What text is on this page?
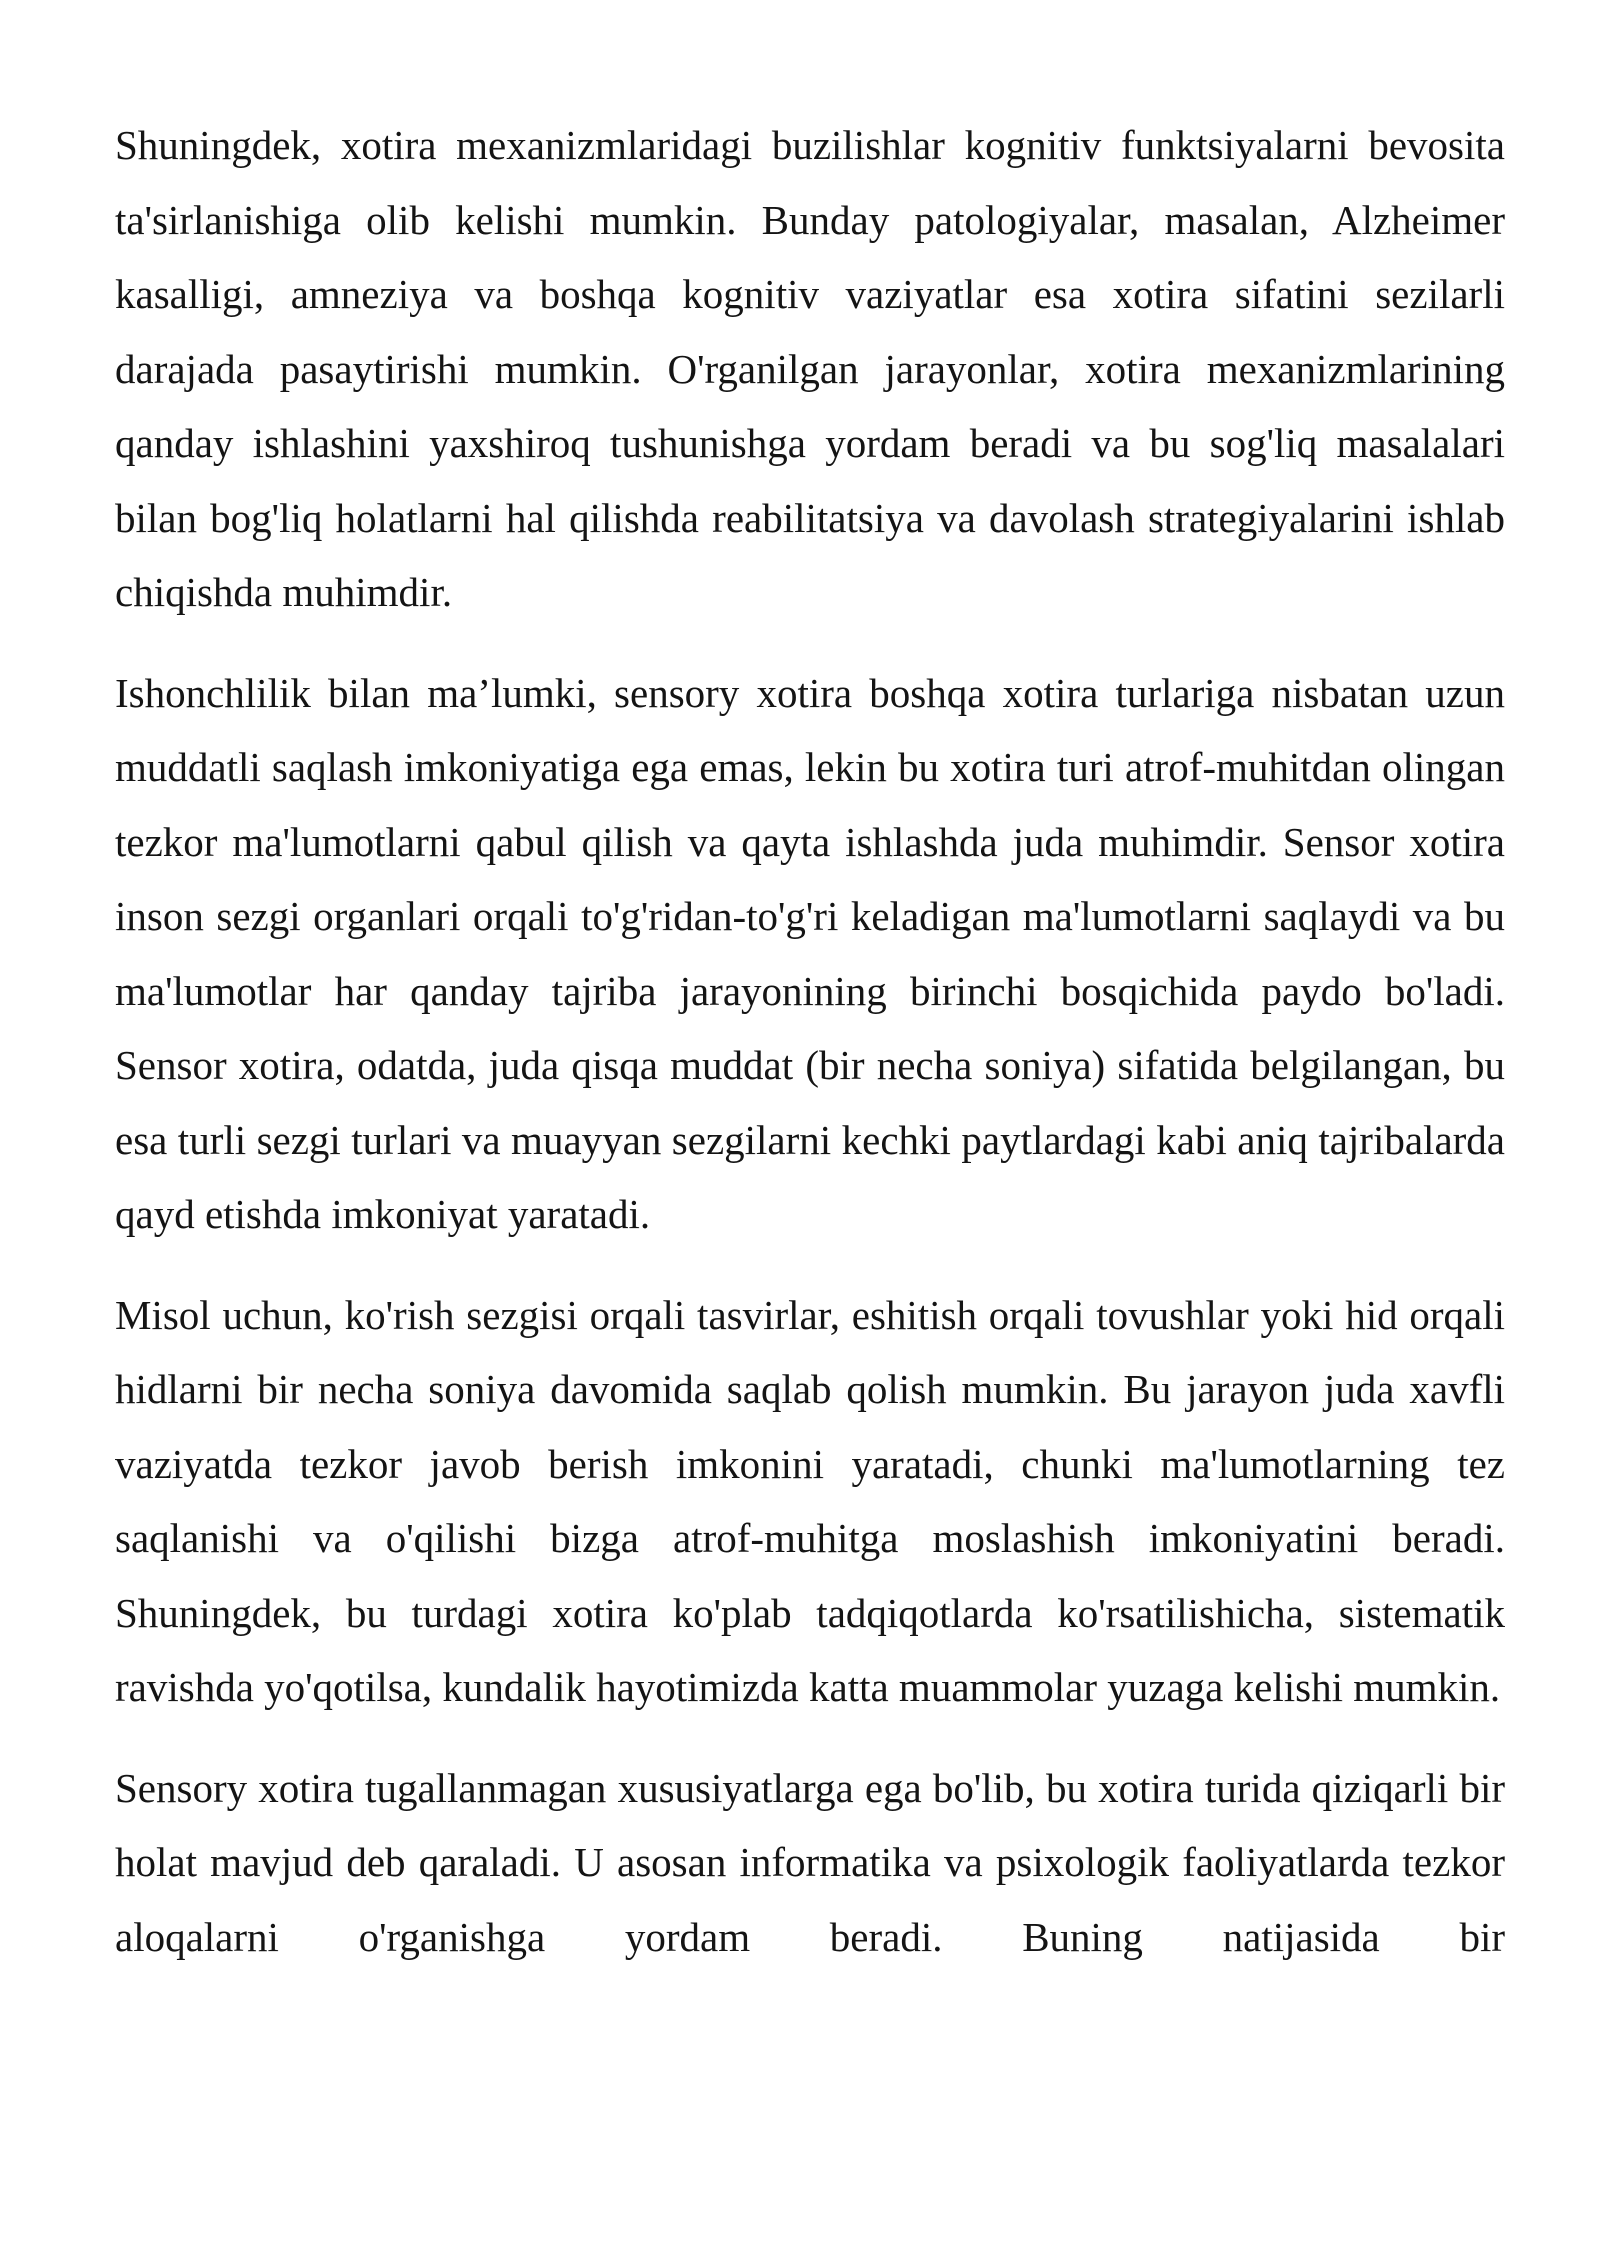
Shuningdek, xotira mexanizmlaridagi buzilishlar kognitiv funktsiyalarni bevosita ta'sirlanishiga olib kelishi mumkin. Bunday patologiyalar, masalan, Alzheimer kasalligi, amneziya va boshqa kognitiv vaziyatlar esa xotira sifatini sezilarli darajada pasaytirishi mumkin. O'rganilgan jarayonlar, xotira mexanizmlarining qanday ishlashini yaxshiroq tushunishga yordam beradi va bu sog'liq masalalari bilan bog'liq holatlarni hal qilishda reabilitatsiya va davolash strategiyalarini ishlab chiqishda muhimdir.

Ishonchlilik bilan ma’lumki, sensory xotira boshqa xotira turlariga nisbatan uzun muddatli saqlash imkoniyatiga ega emas, lekin bu xotira turi atrof-muhitdan olingan tezkor ma'lumotlarni qabul qilish va qayta ishlashda juda muhimdir. Sensor xotira inson sezgi organlari orqali to'g'ridan-to'g'ri keladigan ma'lumotlarni saqlaydi va bu ma'lumotlar har qanday tajriba jarayonining birinchi bosqichida paydo bo'ladi. Sensor xotira, odatda, juda qisqa muddat (bir necha soniya) sifatida belgilangan, bu esa turli sezgi turlari va muayyan sezgilarni kechki paytlardagi kabi aniq tajribalarda qayd etishda imkoniyat yaratadi.

Misol uchun, ko'rish sezgisi orqali tasvirlar, eshitish orqali tovushlar yoki hid orqali hidlarni bir necha soniya davomida saqlab qolish mumkin. Bu jarayon juda xavfli vaziyatda tezkor javob berish imkonini yaratadi, chunki ma'lumotlarning tez saqlanishi va o'qilishi bizga atrof-muhitga moslashish imkoniyatini beradi. Shuningdek, bu turdagi xotira ko'plab tadqiqotlarda ko'rsatilishicha, sistematik ravishda yo'qotilsa, kundalik hayotimizda katta muammolar yuzaga kelishi mumkin.

Sensory xotira tugallanmagan xususiyatlarga ega bo'lib, bu xotira turida qiziqarli bir holat mavjud deb qaraladi. U asosan informatika va psixologik faoliyatlarda tezkor aloqalarni o'rganishga yordam beradi. Buning natijasida bir
